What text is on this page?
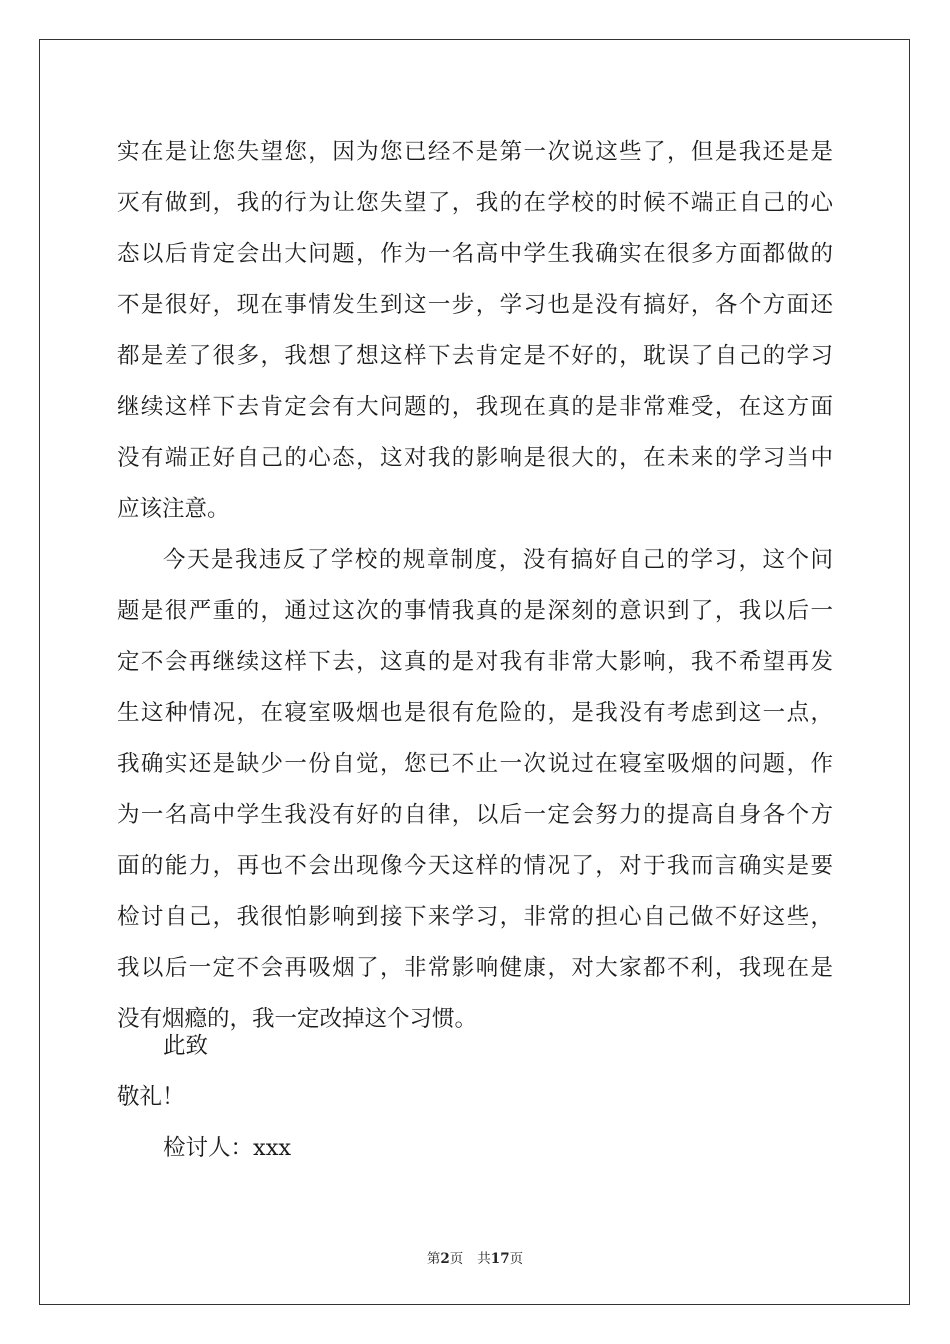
实在是让您失望您，因为您已经不是第一次说这些了，但是我还是是
灭有做到，我的行为让您失望了，我的在学校的时候不端正自己的心
态以后肯定会出大问题，作为一名高中学生我确实在很多方面都做的
不是很好，现在事情发生到这一步，学习也是没有搞好，各个方面还
都是差了很多，我想了想这样下去肯定是不好的，耽误了自己的学习
继续这样下去肯定会有大问题的，我现在真的是非常难受，在这方面
没有端正好自己的心态，这对我的影响是很大的，在未来的学习当中
应该注意。
今天是我违反了学校的规章制度，没有搞好自己的学习，这个问
题是很严重的，通过这次的事情我真的是深刻的意识到了，我以后一
定不会再继续这样下去，这真的是对我有非常大影响，我不希望再发
生这种情况，在寝室吸烟也是很有危险的，是我没有考虑到这一点，
我确实还是缺少一份自觉，您已不止一次说过在寝室吸烟的问题，作
为一名高中学生我没有好的自律，以后一定会努力的提高自身各个方
面的能力，再也不会出现像今天这样的情况了，对于我而言确实是要
检讨自己，我很怕影响到接下来学习，非常的担心自己做不好这些，
我以后一定不会再吸烟了，非常影响健康，对大家都不利，我现在是
没有烟瘾的，我一定改掉这个习惯。
此致
敬礼！
检讨人：xxx
第2页 共17页
